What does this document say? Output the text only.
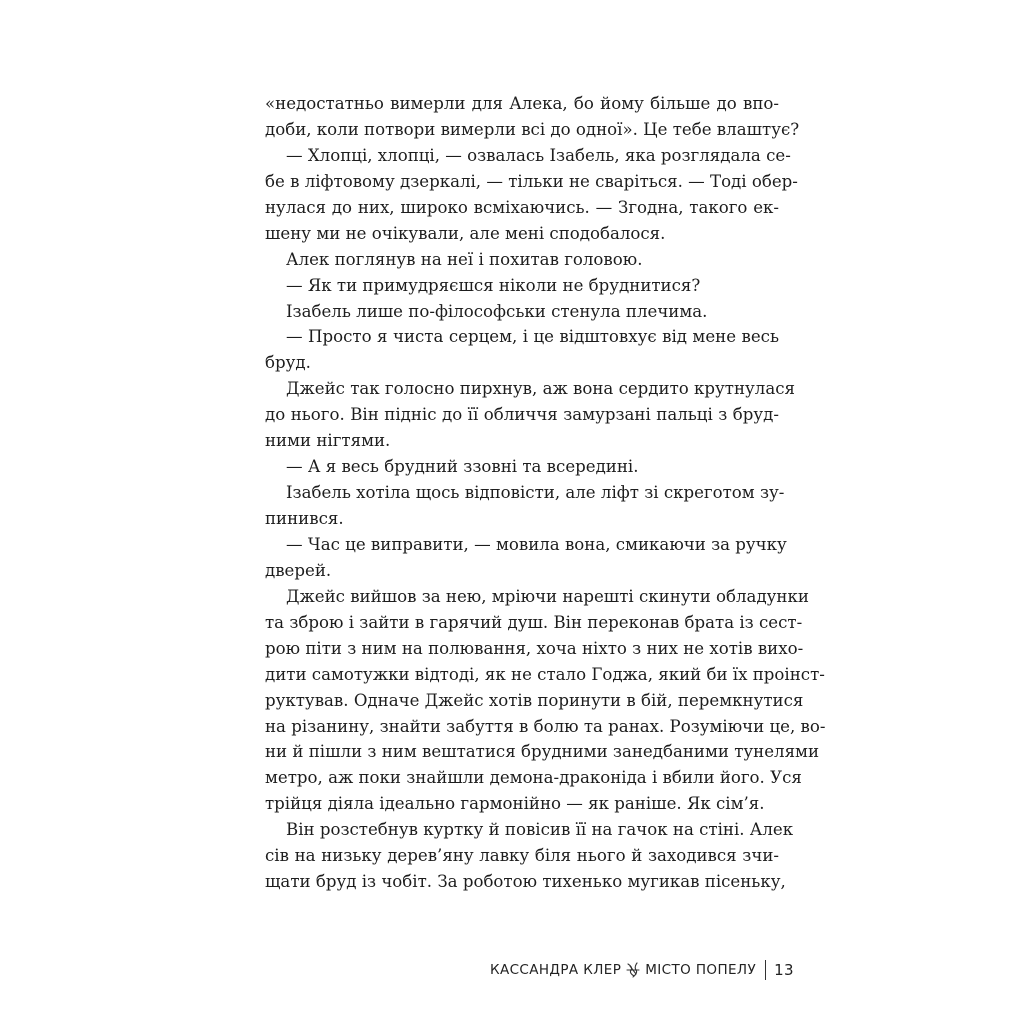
«недостатньо вимерли для Алека, бо йому більше до впо-
доби, коли потвори вимерли всі до одної». Це тебе влаштує?
— Хлопці, хлопці, — озвалась Ізабель, яка розглядала се-
бе в ліфтовому дзеркалі, — тільки не сваріться. — Тоді обер-
нулася до них, широко всміхаючись. — Згодна, такого ек-
шену ми не очікували, але мені сподобалося.
Алек поглянув на неї і похитав головою.
— Як ти примудряєшся ніколи не бруднитися?
Ізабель лише по-філософськи стенула плечима.
— Просто я чиста серцем, і це відштовхує від мене весь
бруд.
Джейс так голосно пирхнув, аж вона сердито крутнулася
до нього. Він підніс до її обличчя замурзані пальці з бруд-
ними нігтями.
— А я весь брудний ззовні та всередині.
Ізабель хотіла щось відповісти, але ліфт зі скреготом зу-
пинився.
— Час це виправити, — мовила вона, смикаючи за ручку
дверей.
Джейс вийшов за нею, мріючи нарешті скинути обладунки
та зброю і зайти в гарячий душ. Він переконав брата із сест-
рою піти з ним на полювання, хоча ніхто з них не хотів вихо-
дити самотужки відтоді, як не стало Годжа, який би їх проінст-
руктував. Одначе Джейс хотів поринути в бій, перемкнутися
на різанину, знайти забуття в болю та ранах. Розуміючи це, во-
ни й пішли з ним вештатися брудними занедбаними тунелями
метро, аж поки знайшли демона-драконіда і вбили його. Уся
трійця діяла ідеально гармонійно — як раніше. Як сім’я.
Він розстебнув куртку й повісив її на гачок на стіні. Алек
сів на низьку дерев’яну лавку біля нього й заходився зчи-
щати бруд із чобіт. За роботою тихенько мугикав пісеньку,
КАССАНДРА КЛЕР МІСТО ПОПЕЛУ 13
